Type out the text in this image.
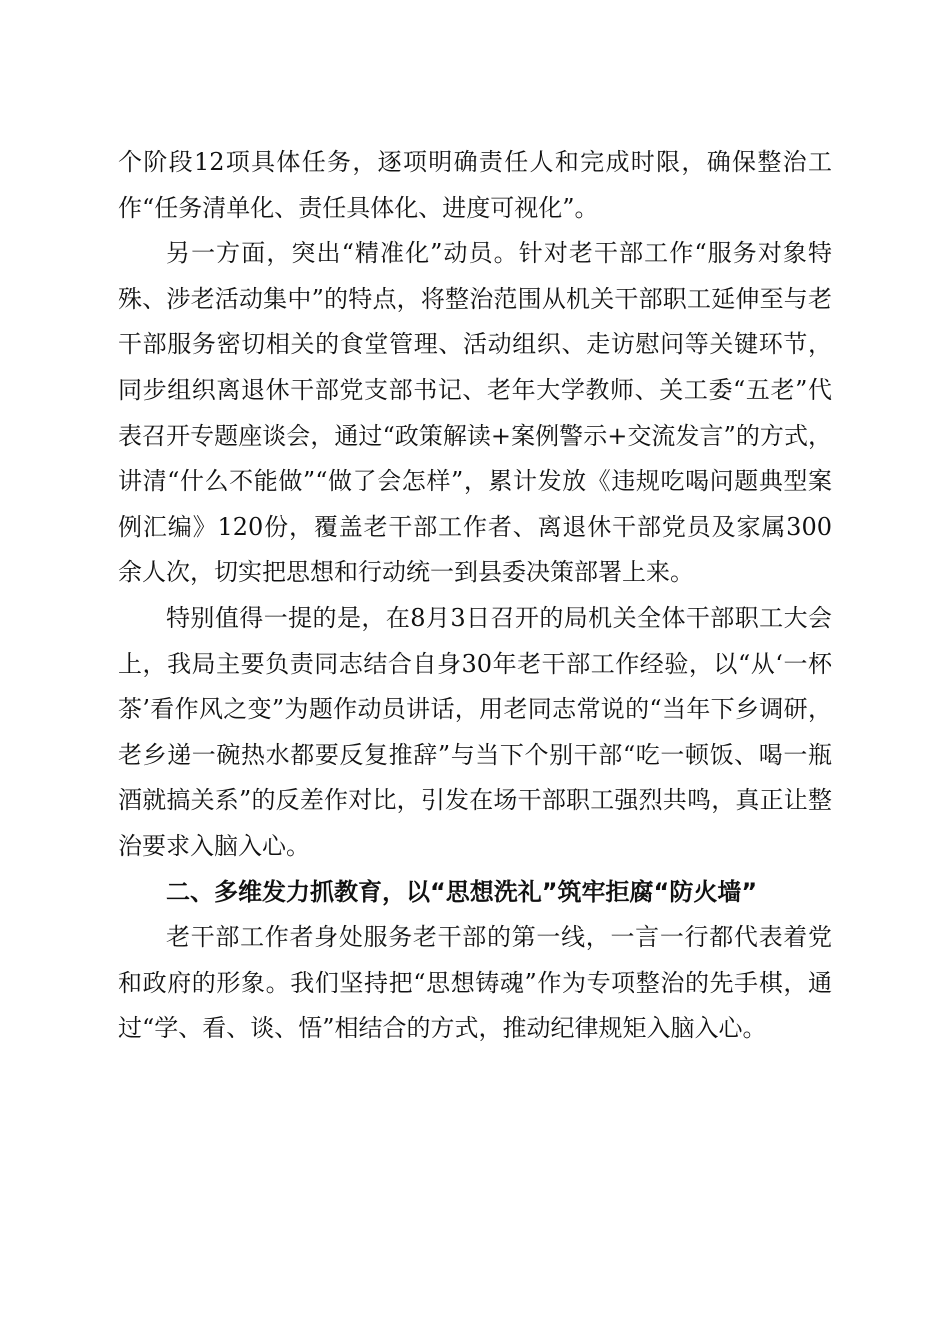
个阶段12项具体任务，逐项明确责任人和完成时限，确保整治工作“任务清单化、责任具体化、进度可视化”。

另一方面，突出“精准化”动员。针对老干部工作“服务对象特殊、涉老活动集中”的特点，将整治范围从机关干部职工延伸至与老干部服务密切相关的食堂管理、活动组织、走访慰问等关键环节，同步组织离退休干部党支部书记、老年大学教师、关工委“五老”代表召开专题座谈会，通过“政策解读+案例警示+交流发言”的方式，讲清“什么不能做”“做了会怎样”，累计发放《违规吃喝问题典型案例汇编》120份，覆盖老干部工作者、离退休干部党员及家属300余人次，切实把思想和行动统一到县委决策部署上来。

特别值得一提的是，在8月3日召开的局机关全体干部职工大会上，我局主要负责同志结合自身30年老干部工作经验，以“从‘一杯茶’看作风之变”为题作动员讲话，用老同志常说的“当年下乡调研，老乡递一碗热水都要反复推辞”与当下个别干部“吃一顿饭、喝一瓶酒就搞关系”的反差作对比，引发在场干部职工强烈共鸣，真正让整治要求入脑入心。

二、多维发力抓教育，以“思想洗礼”筑牢拒腐“防火墙”

老干部工作者身处服务老干部的第一线，一言一行都代表着党和政府的形象。我们坚持把“思想铸魂”作为专项整治的先手棋，通过“学、看、谈、悟”相结合的方式，推动纪律规矩入脑入心。
